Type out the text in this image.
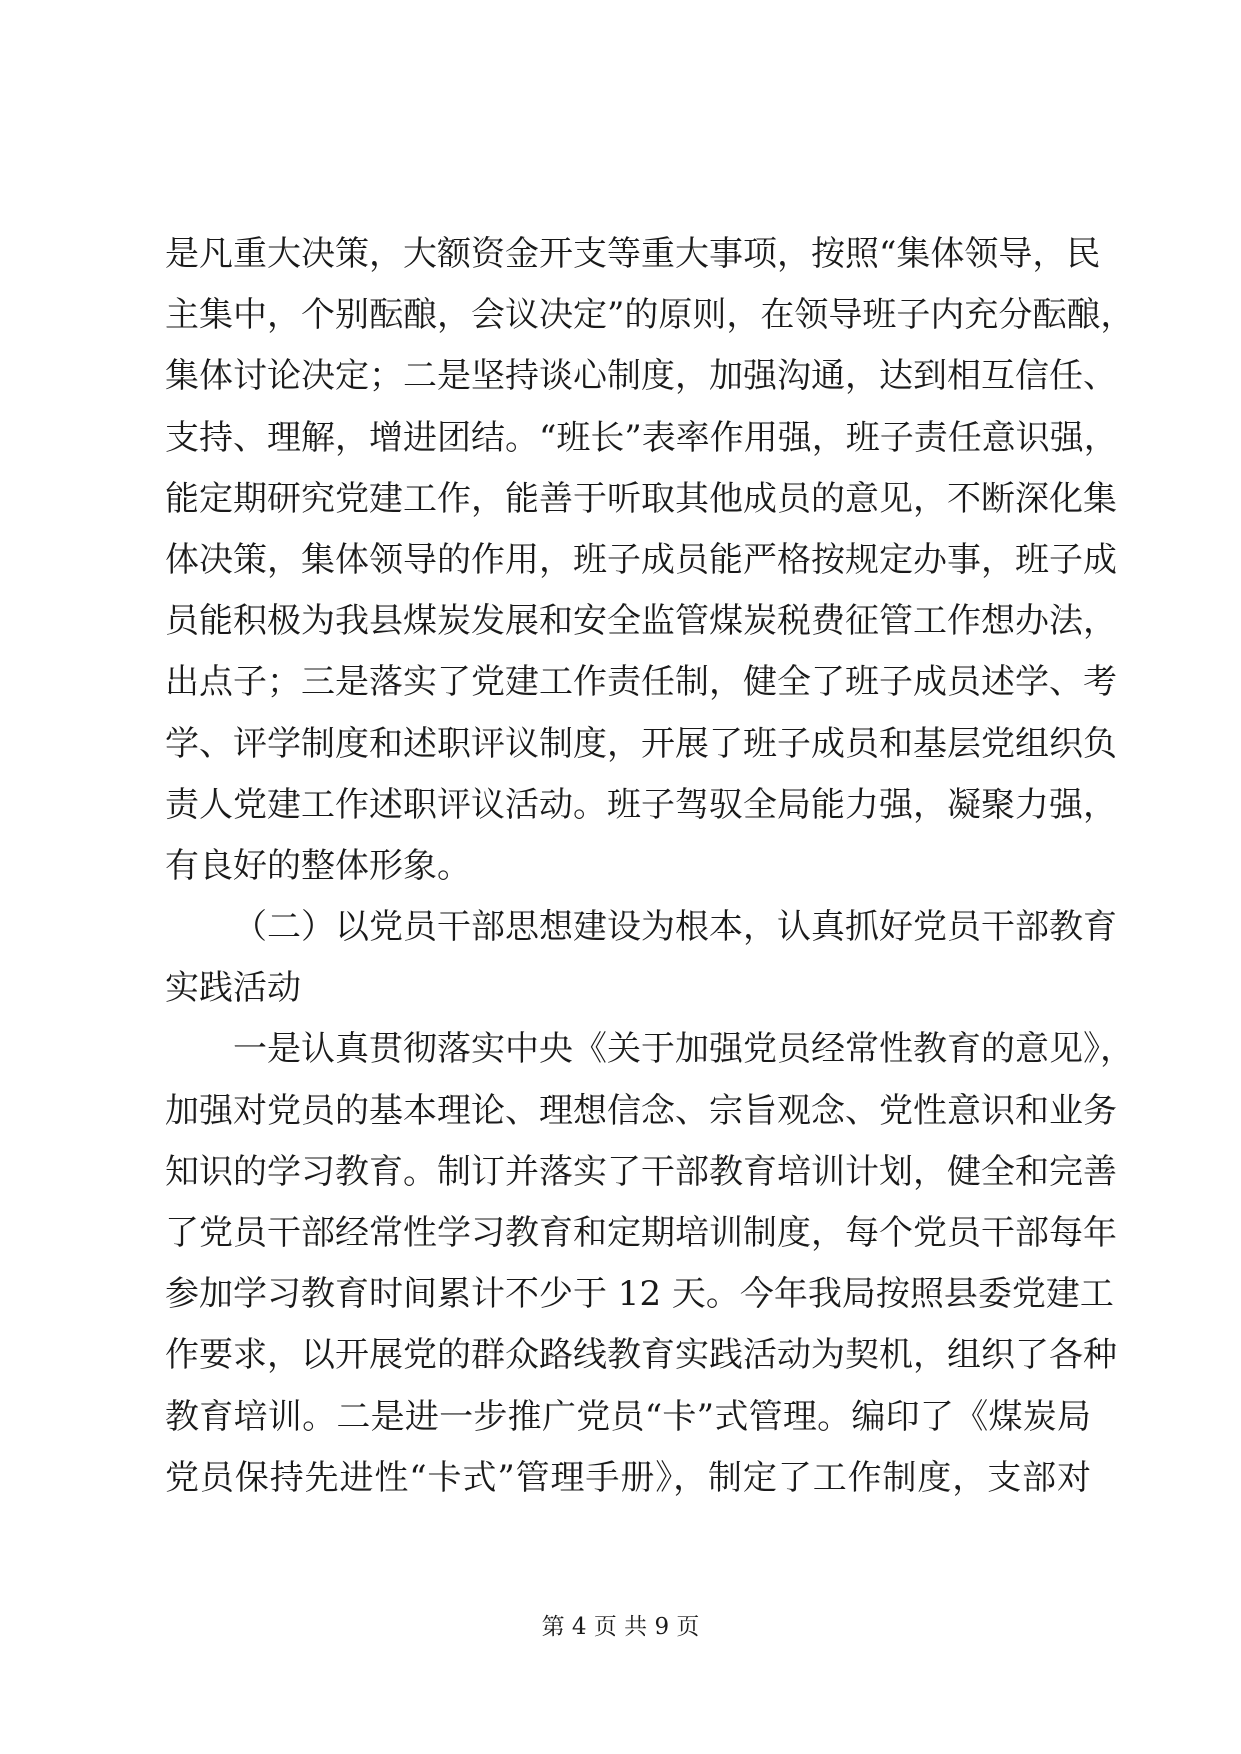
是凡重大决策，大额资金开支等重大事项，按照“集体领导，民
主集中，个别酝酿，会议决定”的原则，在领导班子内充分酝酿，
集体讨论决定；二是坚持谈心制度，加强沟通，达到相互信任、
支持、理解，增进团结。“班长”表率作用强，班子责任意识强，
能定期研究党建工作，能善于听取其他成员的意见，不断深化集
体决策，集体领导的作用，班子成员能严格按规定办事，班子成
员能积极为我县煤炭发展和安全监管煤炭税费征管工作想办法，
出点子；三是落实了党建工作责任制，健全了班子成员述学、考
学、评学制度和述职评议制度，开展了班子成员和基层党组织负
责人党建工作述职评议活动。班子驾驭全局能力强，凝聚力强，
有良好的整体形象。
（二）以党员干部思想建设为根本，认真抓好党员干部教育
实践活动
一是认真贯彻落实中央《关于加强党员经常性教育的意见》，
加强对党员的基本理论、理想信念、宗旨观念、党性意识和业务
知识的学习教育。制订并落实了干部教育培训计划，健全和完善
了党员干部经常性学习教育和定期培训制度，每个党员干部每年
参加学习教育时间累计不少于 12 天。今年我局按照县委党建工
作要求，以开展党的群众路线教育实践活动为契机，组织了各种
教育培训。二是进一步推广党员“卡”式管理。编印了《煤炭局
党员保持先进性“卡式”管理手册》，制定了工作制度，支部对
第 4 页 共 9 页
